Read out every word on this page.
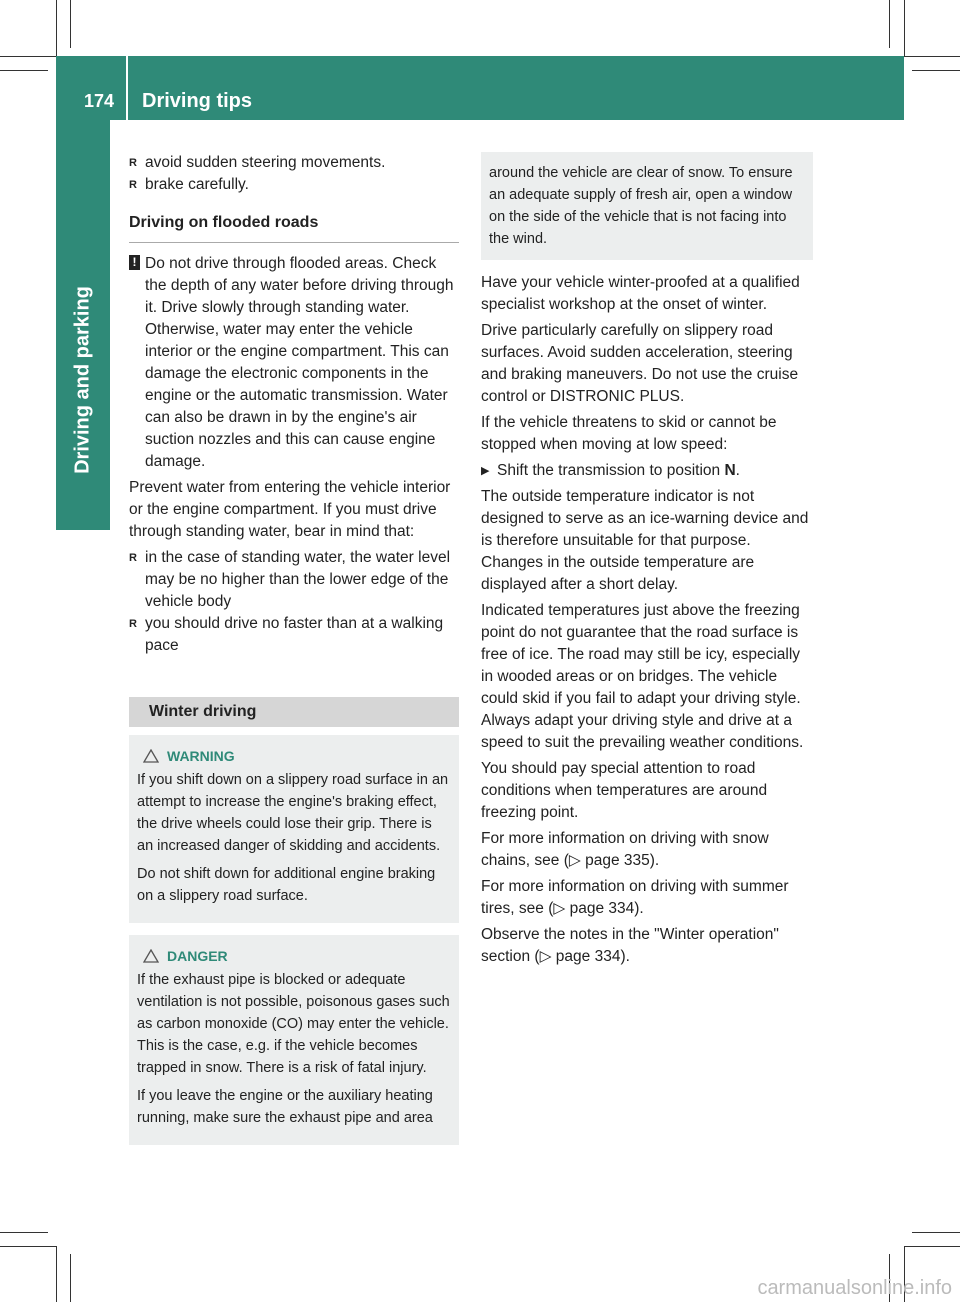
174 Driving tips
Driving and parking
R avoid sudden steering movements.
R brake carefully.
Driving on flooded roads
! Do not drive through flooded areas. Check the depth of any water before driving through it. Drive slowly through standing water. Otherwise, water may enter the vehicle interior or the engine compartment. This can damage the electronic components in the engine or the automatic transmission. Water can also be drawn in by the engine's air suction nozzles and this can cause engine damage.

Prevent water from entering the vehicle interior or the engine compartment. If you must drive through standing water, bear in mind that:

R in the case of standing water, the water level may be no higher than the lower edge of the vehicle body
R you should drive no faster than at a walking pace
Winter driving
WARNING

If you shift down on a slippery road surface in an attempt to increase the engine's braking effect, the drive wheels could lose their grip. There is an increased danger of skidding and accidents.

Do not shift down for additional engine braking on a slippery road surface.

DANGER

If the exhaust pipe is blocked or adequate ventilation is not possible, poisonous gases such as carbon monoxide (CO) may enter the vehicle. This is the case, e.g. if the vehicle becomes trapped in snow. There is a risk of fatal injury.

If you leave the engine or the auxiliary heating running, make sure the exhaust pipe and area

around the vehicle are clear of snow. To ensure an adequate supply of fresh air, open a window on the side of the vehicle that is not facing into the wind.

Have your vehicle winter-proofed at a qualified specialist workshop at the onset of winter.

Drive particularly carefully on slippery road surfaces. Avoid sudden acceleration, steering and braking maneuvers. Do not use the cruise control or DISTRONIC PLUS.

If the vehicle threatens to skid or cannot be stopped when moving at low speed:

▶ Shift the transmission to position N.

The outside temperature indicator is not designed to serve as an ice-warning device and is therefore unsuitable for that purpose. Changes in the outside temperature are displayed after a short delay.

Indicated temperatures just above the freezing point do not guarantee that the road surface is free of ice. The road may still be icy, especially in wooded areas or on bridges. The vehicle could skid if you fail to adapt your driving style. Always adapt your driving style and drive at a speed to suit the prevailing weather conditions.

You should pay special attention to road conditions when temperatures are around freezing point.

For more information on driving with snow chains, see (▷ page 335).

For more information on driving with summer tires, see (▷ page 334).

Observe the notes in the "Winter operation" section (▷ page 334).

carmanualsonline.info
